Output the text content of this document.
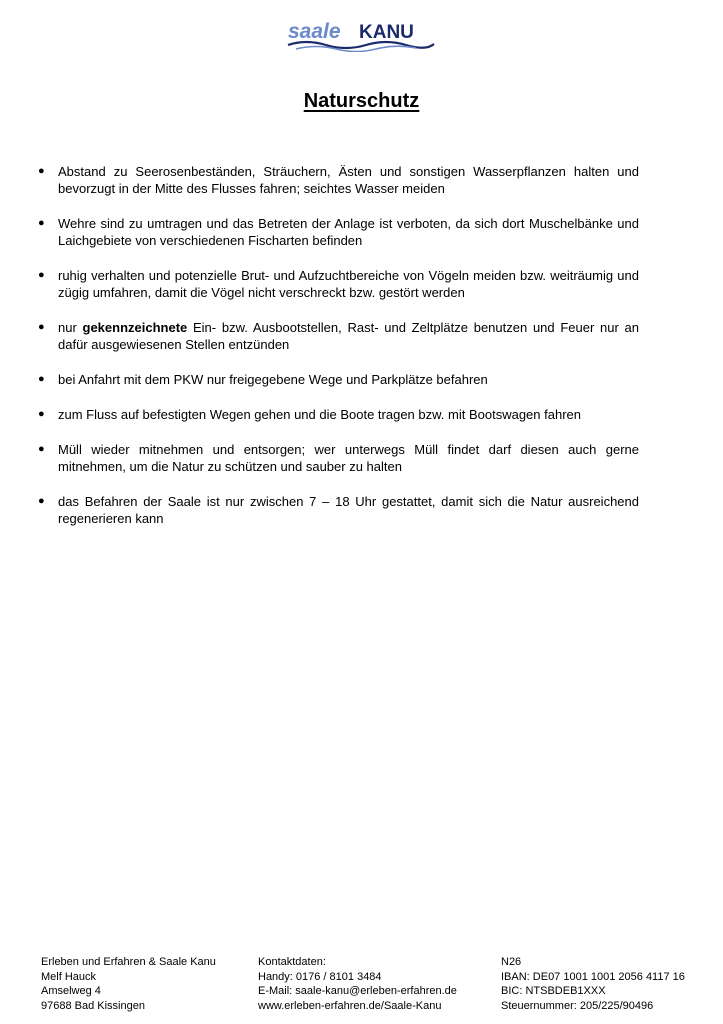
saale KANU
Naturschutz
● Abstand zu Seerosenbeständen, Sträuchern, Ästen und sonstigen Wasserpflanzen halten und bevorzugt in der Mitte des Flusses fahren; seichtes Wasser meiden
● Wehre sind zu umtragen und das Betreten der Anlage ist verboten, da sich dort Muschelbänke und Laichgebiete von verschiedenen Fischarten befinden
● ruhig verhalten und potenzielle Brut- und Aufzuchtbereiche von Vögeln meiden bzw. weiträumig und zügig umfahren, damit die Vögel nicht verschreckt bzw. gestört werden
● nur gekennzeichnete Ein- bzw. Ausbootstellen, Rast- und Zeltplätze benutzen und Feuer nur an dafür ausgewiesenen Stellen entzünden
● bei Anfahrt mit dem PKW nur freigegebene Wege und Parkplätze befahren
● zum Fluss auf befestigten Wegen gehen und die Boote tragen bzw. mit Bootswagen fahren
● Müll wieder mitnehmen und entsorgen; wer unterwegs Müll findet darf diesen auch gerne mitnehmen, um die Natur zu schützen und sauber zu halten
● das Befahren der Saale ist nur zwischen 7 – 18 Uhr gestattet, damit sich die Natur ausreichend regenerieren kann
Erleben und Erfahren & Saale Kanu
Melf Hauck
Amselweg 4
97688 Bad Kissingen
Kontaktdaten:
Handy: 0176 / 8101 3484
E-Mail: saale-kanu@erleben-erfahren.de
www.erleben-erfahren.de/Saale-Kanu
N26
IBAN: DE07 1001 1001 2056 4117 16
BIC: NTSBDEB1XXX
Steuernummer: 205/225/90496
